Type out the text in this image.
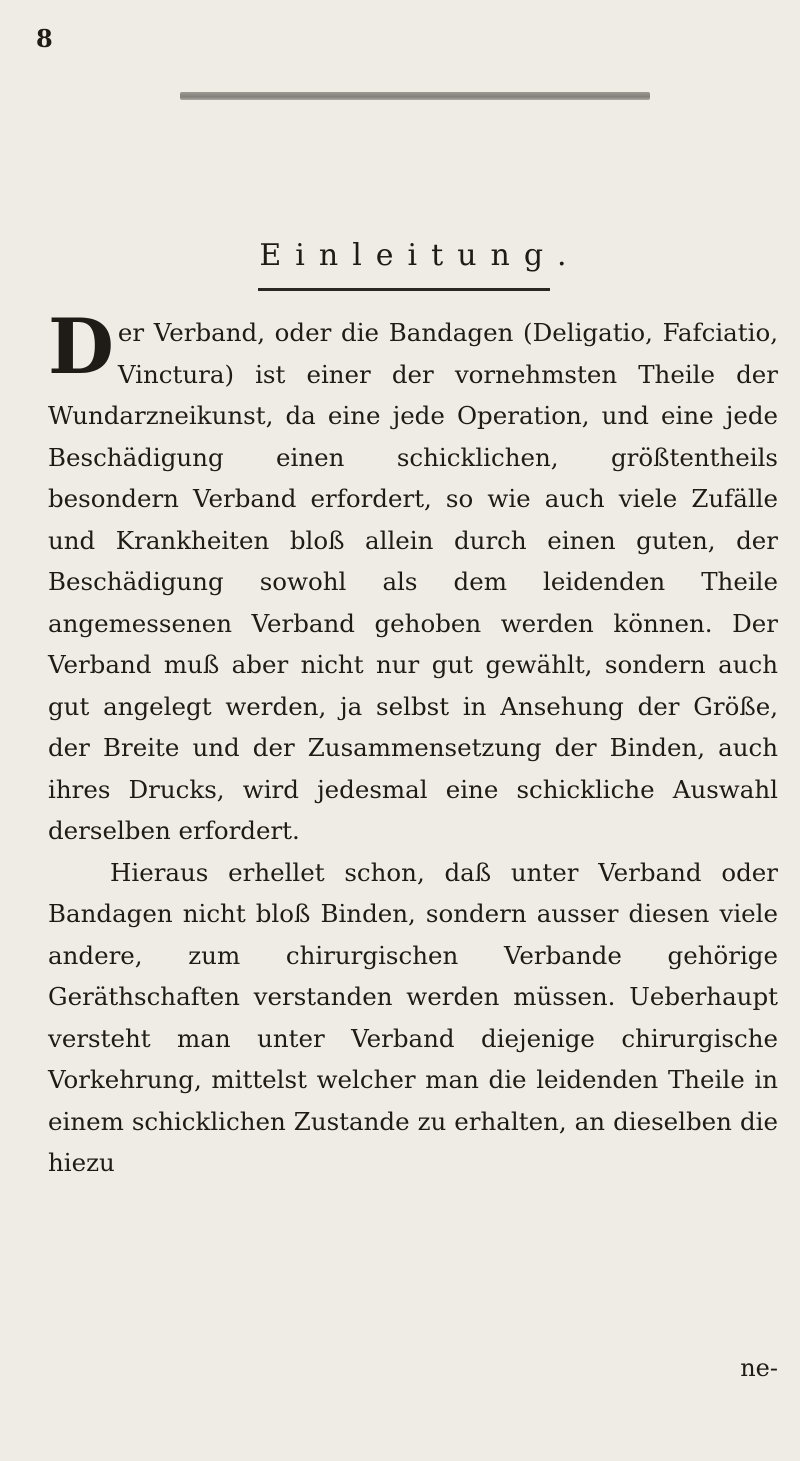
8
Einleitung.

Der Verband, oder die Bandagen (Deligatio, Fafciatio, Vinctura) ist einer der vornehmsten Theile der Wundarzneikunst, da eine jede Operation, und eine jede Beschädigung einen schicklichen, größtentheils besondern Verband erfordert, so wie auch viele Zufälle und Krankheiten bloß allein durch einen guten, der Beschädigung sowohl als dem leidenden Theile angemessenen Verband gehoben werden können. Der Verband muß aber nicht nur gut gewählt, sondern auch gut angelegt werden, ja selbst in Ansehung der Größe, der Breite und der Zusammensetzung der Binden, auch ihres Drucks, wird jedesmal eine schickliche Auswahl derselben erfordert.

Hieraus erhellet schon, daß unter Verband oder Bandagen nicht bloß Binden, sondern ausser diesen viele andere, zum chirurgischen Verbande gehörige Geräthschaften verstanden werden müssen. Ueberhaupt versteht man unter Verband diejenige chirurgische Vorkehrung, mittelst welcher man die leidenden Theile in einem schicklichen Zustande zu erhalten, an dieselben die hiezu

ne-
